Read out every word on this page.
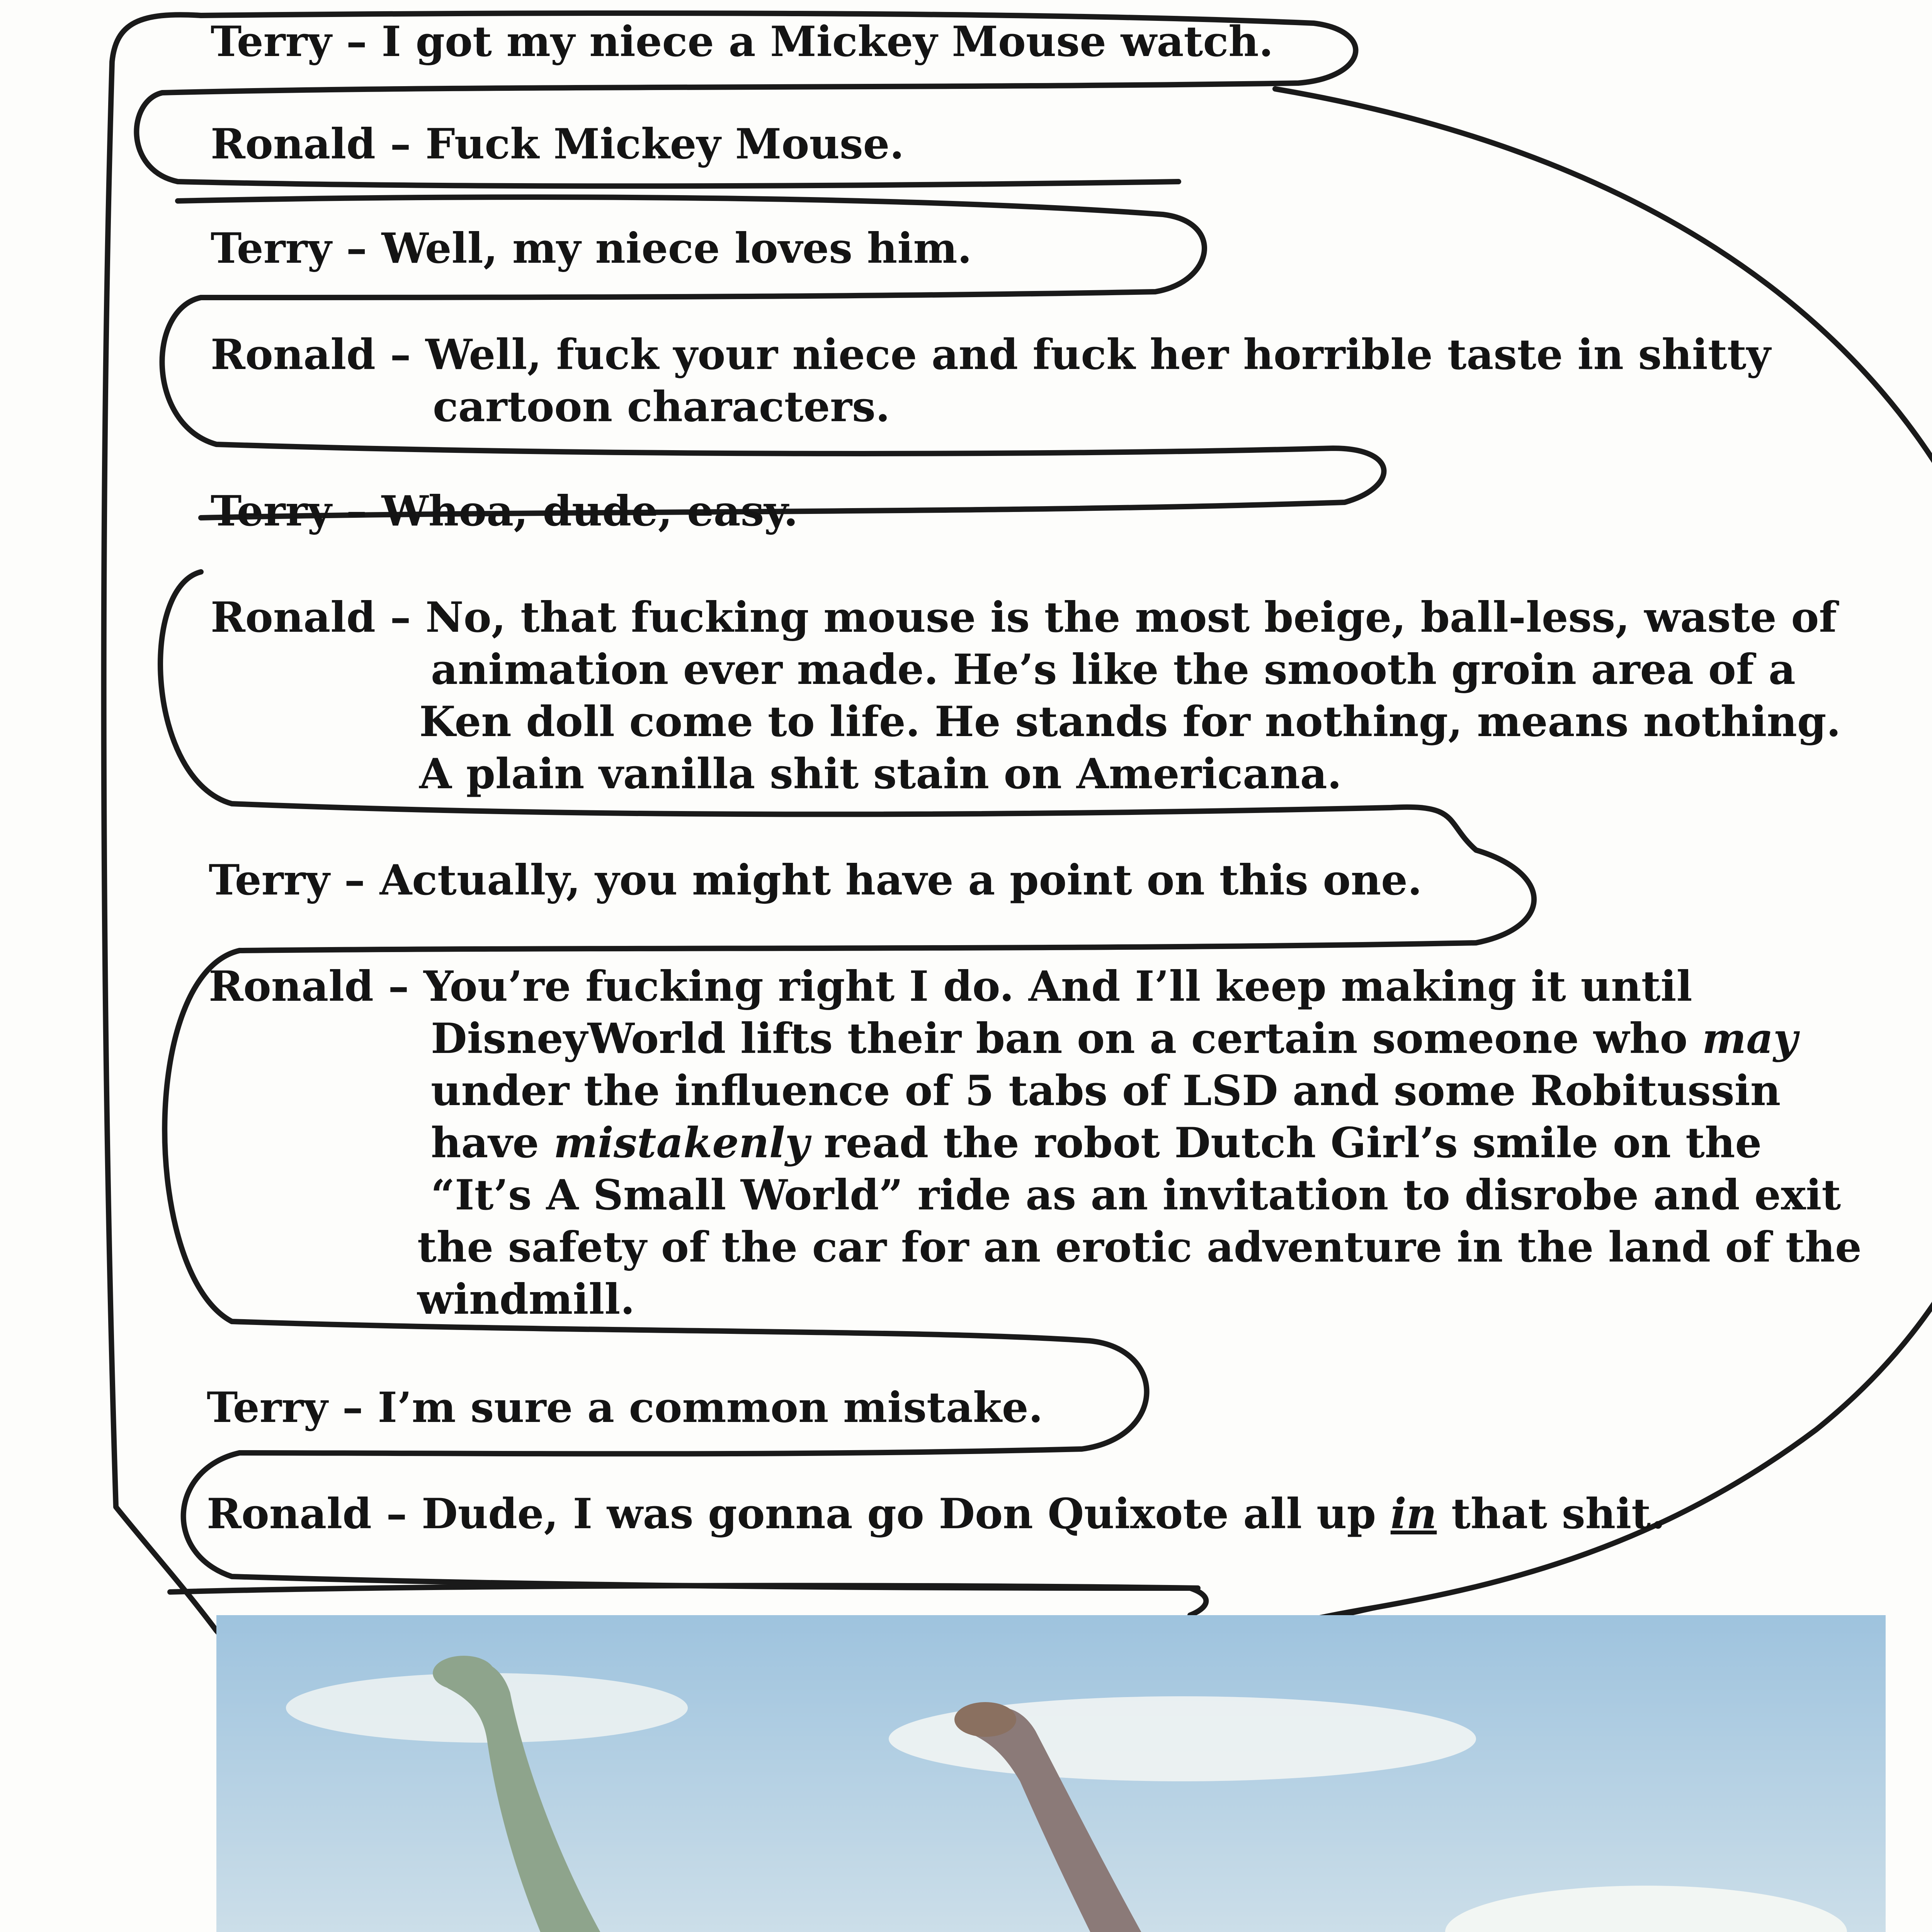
Terry – I got my niece a Mickey Mouse watch.
Ronald – Fuck Mickey Mouse.
Terry – Well, my niece loves him.
Ronald – Well, fuck your niece and fuck her horrible taste in shitty
cartoon characters.
Terry – Whoa, dude, easy.
Ronald – No, that fucking mouse is the most beige, ball-less, waste of
animation ever made. He’s like the smooth groin area of a
Ken doll come to life. He stands for nothing, means nothing.
A plain vanilla shit stain on Americana.
Terry – Actually, you might have a point on this one.
Ronald – You’re fucking right I do. And I’ll keep making it until
DisneyWorld lifts their ban on a certain someone who may
under the influence of 5 tabs of LSD and some Robitussin
have mistakenly read the robot Dutch Girl’s smile on the
“It’s A Small World” ride as an invitation to disrobe and exit
the safety of the car for an erotic adventure in the land of the
windmill.
Terry – I’m sure a common mistake.
Ronald – Dude, I was gonna go Don Quixote all up in that shit.
